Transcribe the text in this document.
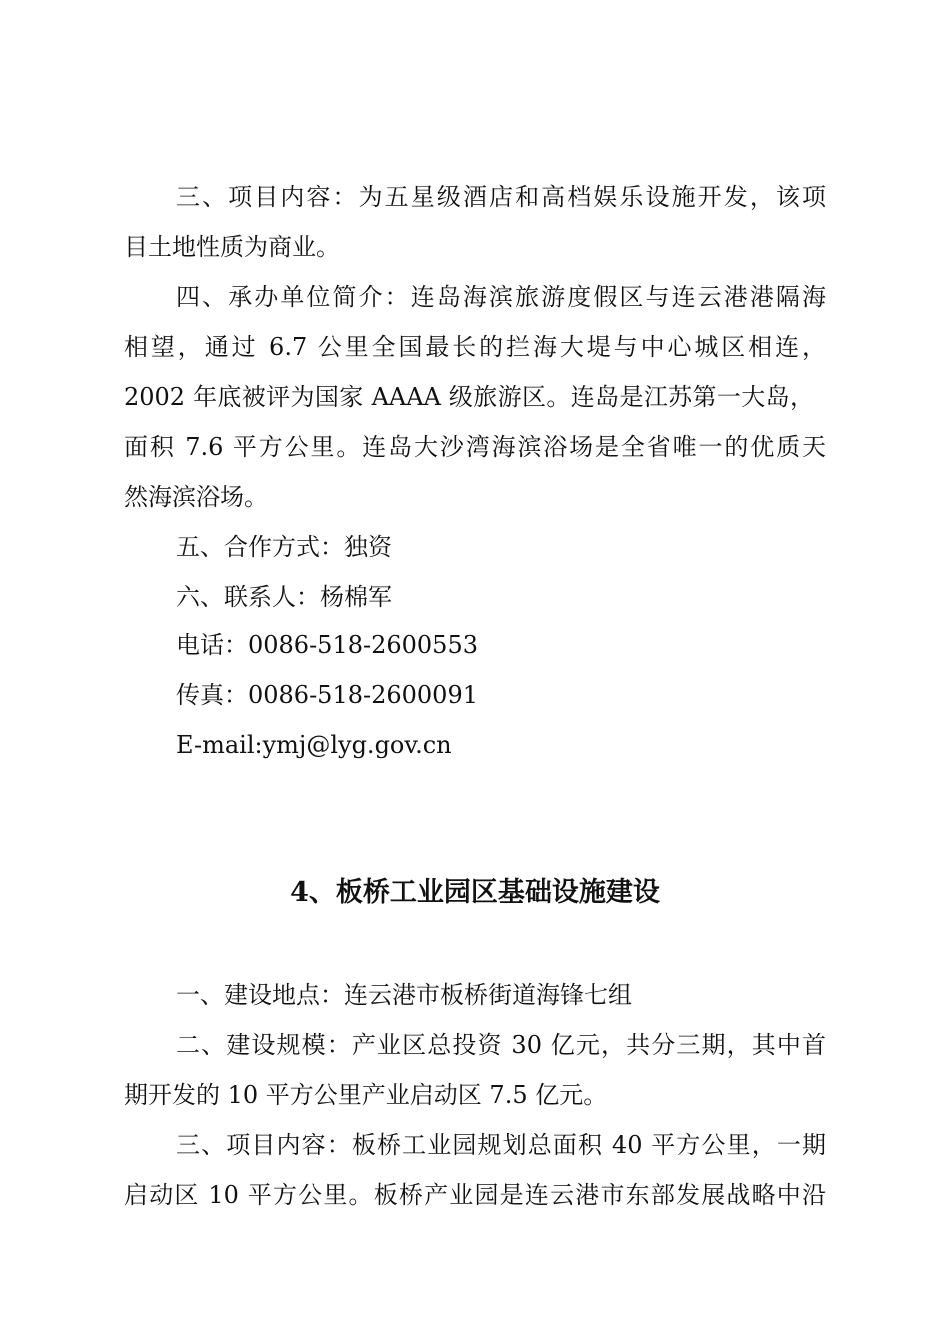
三、项目内容：为五星级酒店和高档娱乐设施开发，该项
目土地性质为商业。
四、承办单位简介：连岛海滨旅游度假区与连云港港隔海
相望，通过 6.7 公里全国最长的拦海大堤与中心城区相连，
2002 年底被评为国家 AAAA 级旅游区。连岛是江苏第一大岛，
面积 7.6 平方公里。连岛大沙湾海滨浴场是全省唯一的优质天
然海滨浴场。
五、合作方式：独资
六、联系人：杨棉军
电话：0086-518-2600553
传真：0086-518-2600091
E-mail:ymj@lyg.gov.cn
4、板桥工业园区基础设施建设
一、建设地点：连云港市板桥街道海锋七组
二、建设规模：产业区总投资 30 亿元，共分三期，其中首
期开发的 10 平方公里产业启动区 7.5 亿元。
三、项目内容：板桥工业园规划总面积 40 平方公里，一期
启动区 10 平方公里。板桥产业园是连云港市东部发展战略中沿
